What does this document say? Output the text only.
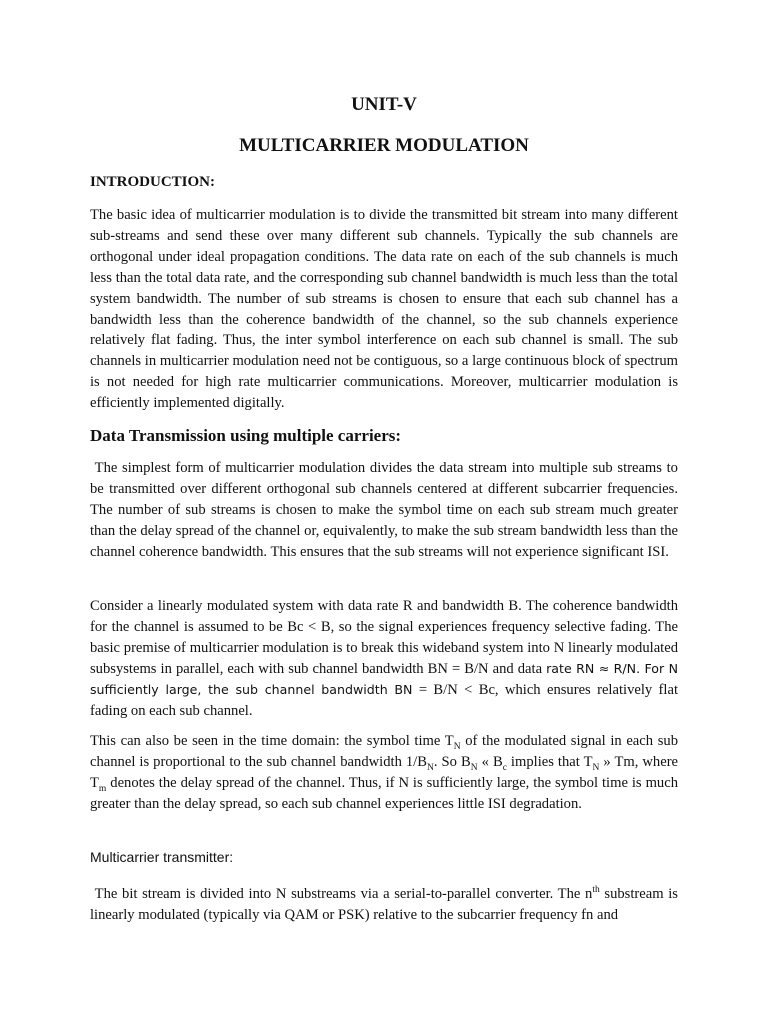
UNIT-V
MULTICARRIER MODULATION
INTRODUCTION:
The basic idea of multicarrier modulation is to divide the transmitted bit stream into many different sub-streams and send these over many different sub channels. Typically the sub channels are orthogonal under ideal propagation conditions. The data rate on each of the sub channels is much less than the total data rate, and the corresponding sub channel bandwidth is much less than the total system bandwidth. The number of sub streams is chosen to ensure that each sub channel has a bandwidth less than the coherence bandwidth of the channel, so the sub channels experience relatively flat fading. Thus, the inter symbol interference on each sub channel is small. The sub channels in multicarrier modulation need not be contiguous, so a large continuous block of spectrum is not needed for high rate multicarrier communications. Moreover, multicarrier modulation is efficiently implemented digitally.
Data Transmission using multiple carriers:
The simplest form of multicarrier modulation divides the data stream into multiple sub streams to be transmitted over different orthogonal sub channels centered at different subcarrier frequencies. The number of sub streams is chosen to make the symbol time on each sub stream much greater than the delay spread of the channel or, equivalently, to make the sub stream bandwidth less than the channel coherence bandwidth. This ensures that the sub streams will not experience significant ISI.
Consider a linearly modulated system with data rate R and bandwidth B. The coherence bandwidth for the channel is assumed to be Bc < B, so the signal experiences frequency selective fading. The basic premise of multicarrier modulation is to break this wideband system into N linearly modulated subsystems in parallel, each with sub channel bandwidth BN = B/N and data rate RN ≈ R/N. For N sufficiently large, the sub channel bandwidth BN = B/N < Bc, which ensures relatively flat fading on each sub channel.
This can also be seen in the time domain: the symbol time $T_N$ of the modulated signal in each sub channel is proportional to the sub channel bandwidth $1/B_N$. So $B_N$ « $B_c$ implies that $T_N$ » Tm, where $T_m$ denotes the delay spread of the channel. Thus, if N is sufficiently large, the symbol time is much greater than the delay spread, so each sub channel experiences little ISI degradation.
Multicarrier transmitter:
The bit stream is divided into N substreams via a serial-to-parallel converter. The $n^{th}$ substream is linearly modulated (typically via QAM or PSK) relative to the subcarrier frequency fn and
